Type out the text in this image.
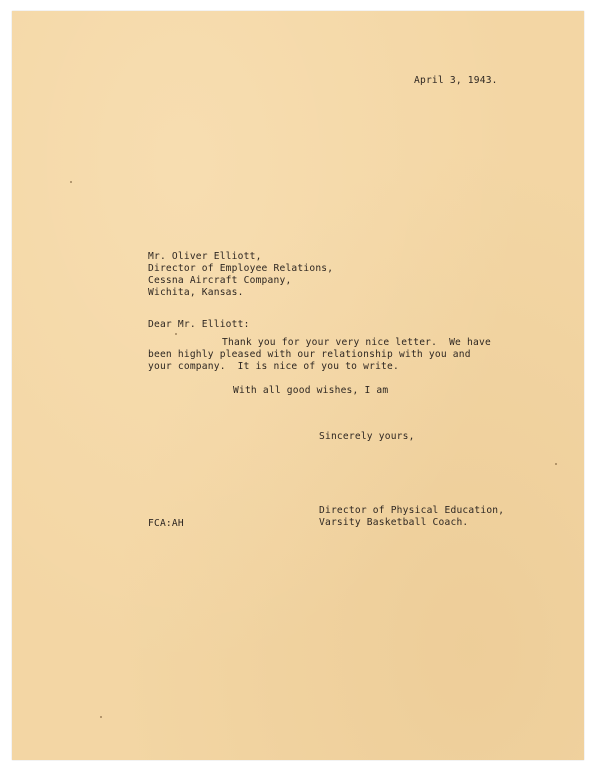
April 3, 1943.

Mr. Oliver Elliott,
Director of Employee Relations,
Cessna Aircraft Company,
Wichita, Kansas.

Dear Mr. Elliott:

Thank you for your very nice letter.  We have
been highly pleased with our relationship with you and
your company.  It is nice of you to write.

With all good wishes, I am

Sincerely yours,

Director of Physical Education,
Varsity Basketball Coach.

FCA:AH
